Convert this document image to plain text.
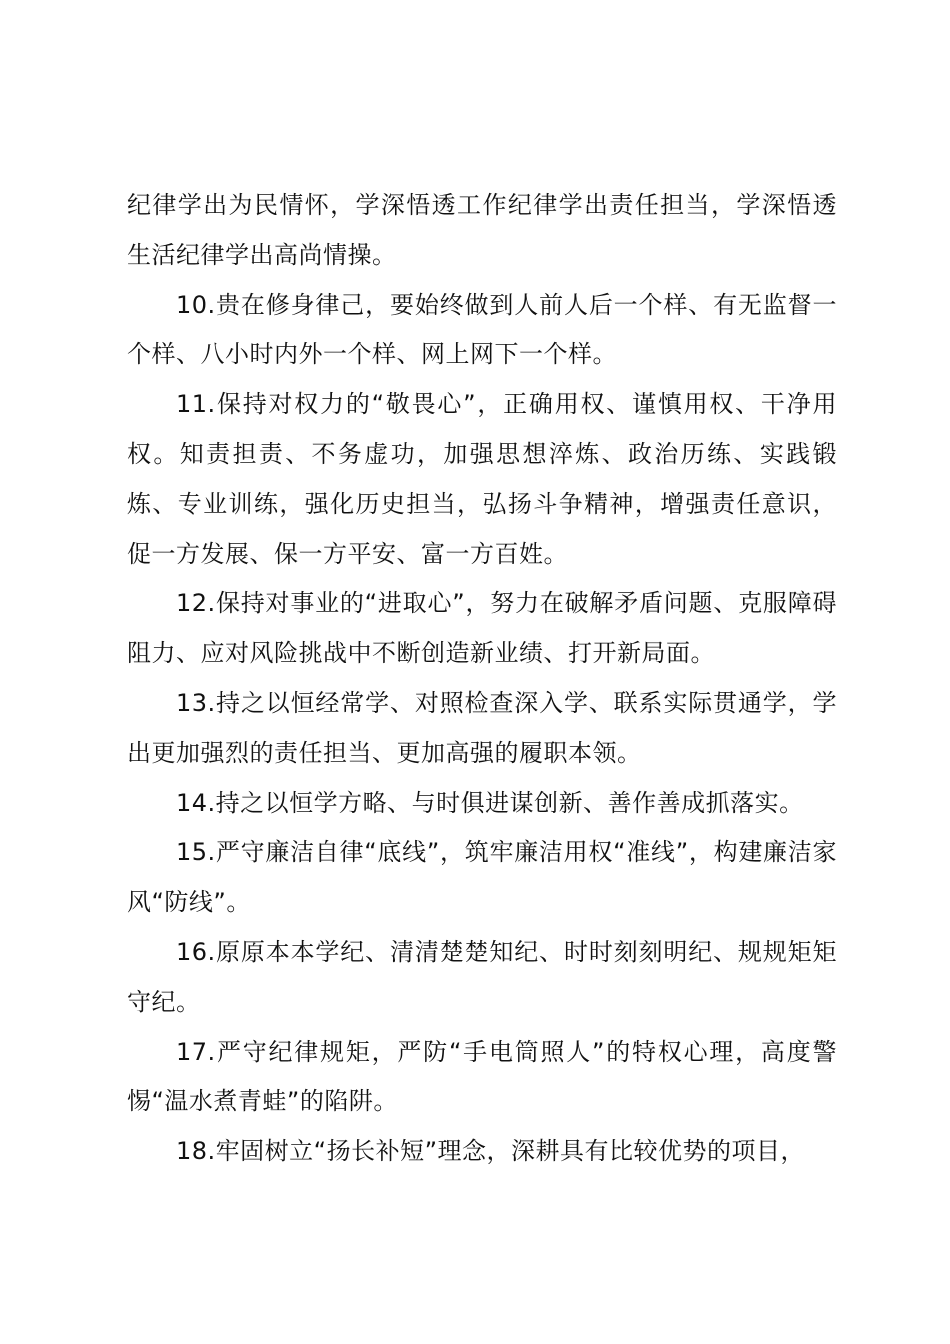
纪律学出为民情怀，学深悟透工作纪律学出责任担当，学深悟透生活纪律学出高尚情操。

10.贵在修身律己，要始终做到人前人后一个样、有无监督一个样、八小时内外一个样、网上网下一个样。

11.保持对权力的“敬畏心”，正确用权、谨慎用权、干净用权。知责担责、不务虚功，加强思想淬炼、政治历练、实践锻炼、专业训练，强化历史担当，弘扬斗争精神，增强责任意识，促一方发展、保一方平安、富一方百姓。

12.保持对事业的“进取心”，努力在破解矛盾问题、克服障碍阻力、应对风险挑战中不断创造新业绩、打开新局面。

13.持之以恒经常学、对照检查深入学、联系实际贯通学，学出更加强烈的责任担当、更加高强的履职本领。

14.持之以恒学方略、与时俱进谋创新、善作善成抓落实。

15.严守廉洁自律“底线”，筑牢廉洁用权“准线”，构建廉洁家风“防线”。

16.原原本本学纪、清清楚楚知纪、时时刻刻明纪、规规矩矩守纪。

17.严守纪律规矩，严防“手电筒照人”的特权心理，高度警惕“温水煮青蛙”的陷阱。

18.牢固树立“扬长补短”理念，深耕具有比较优势的项目，
